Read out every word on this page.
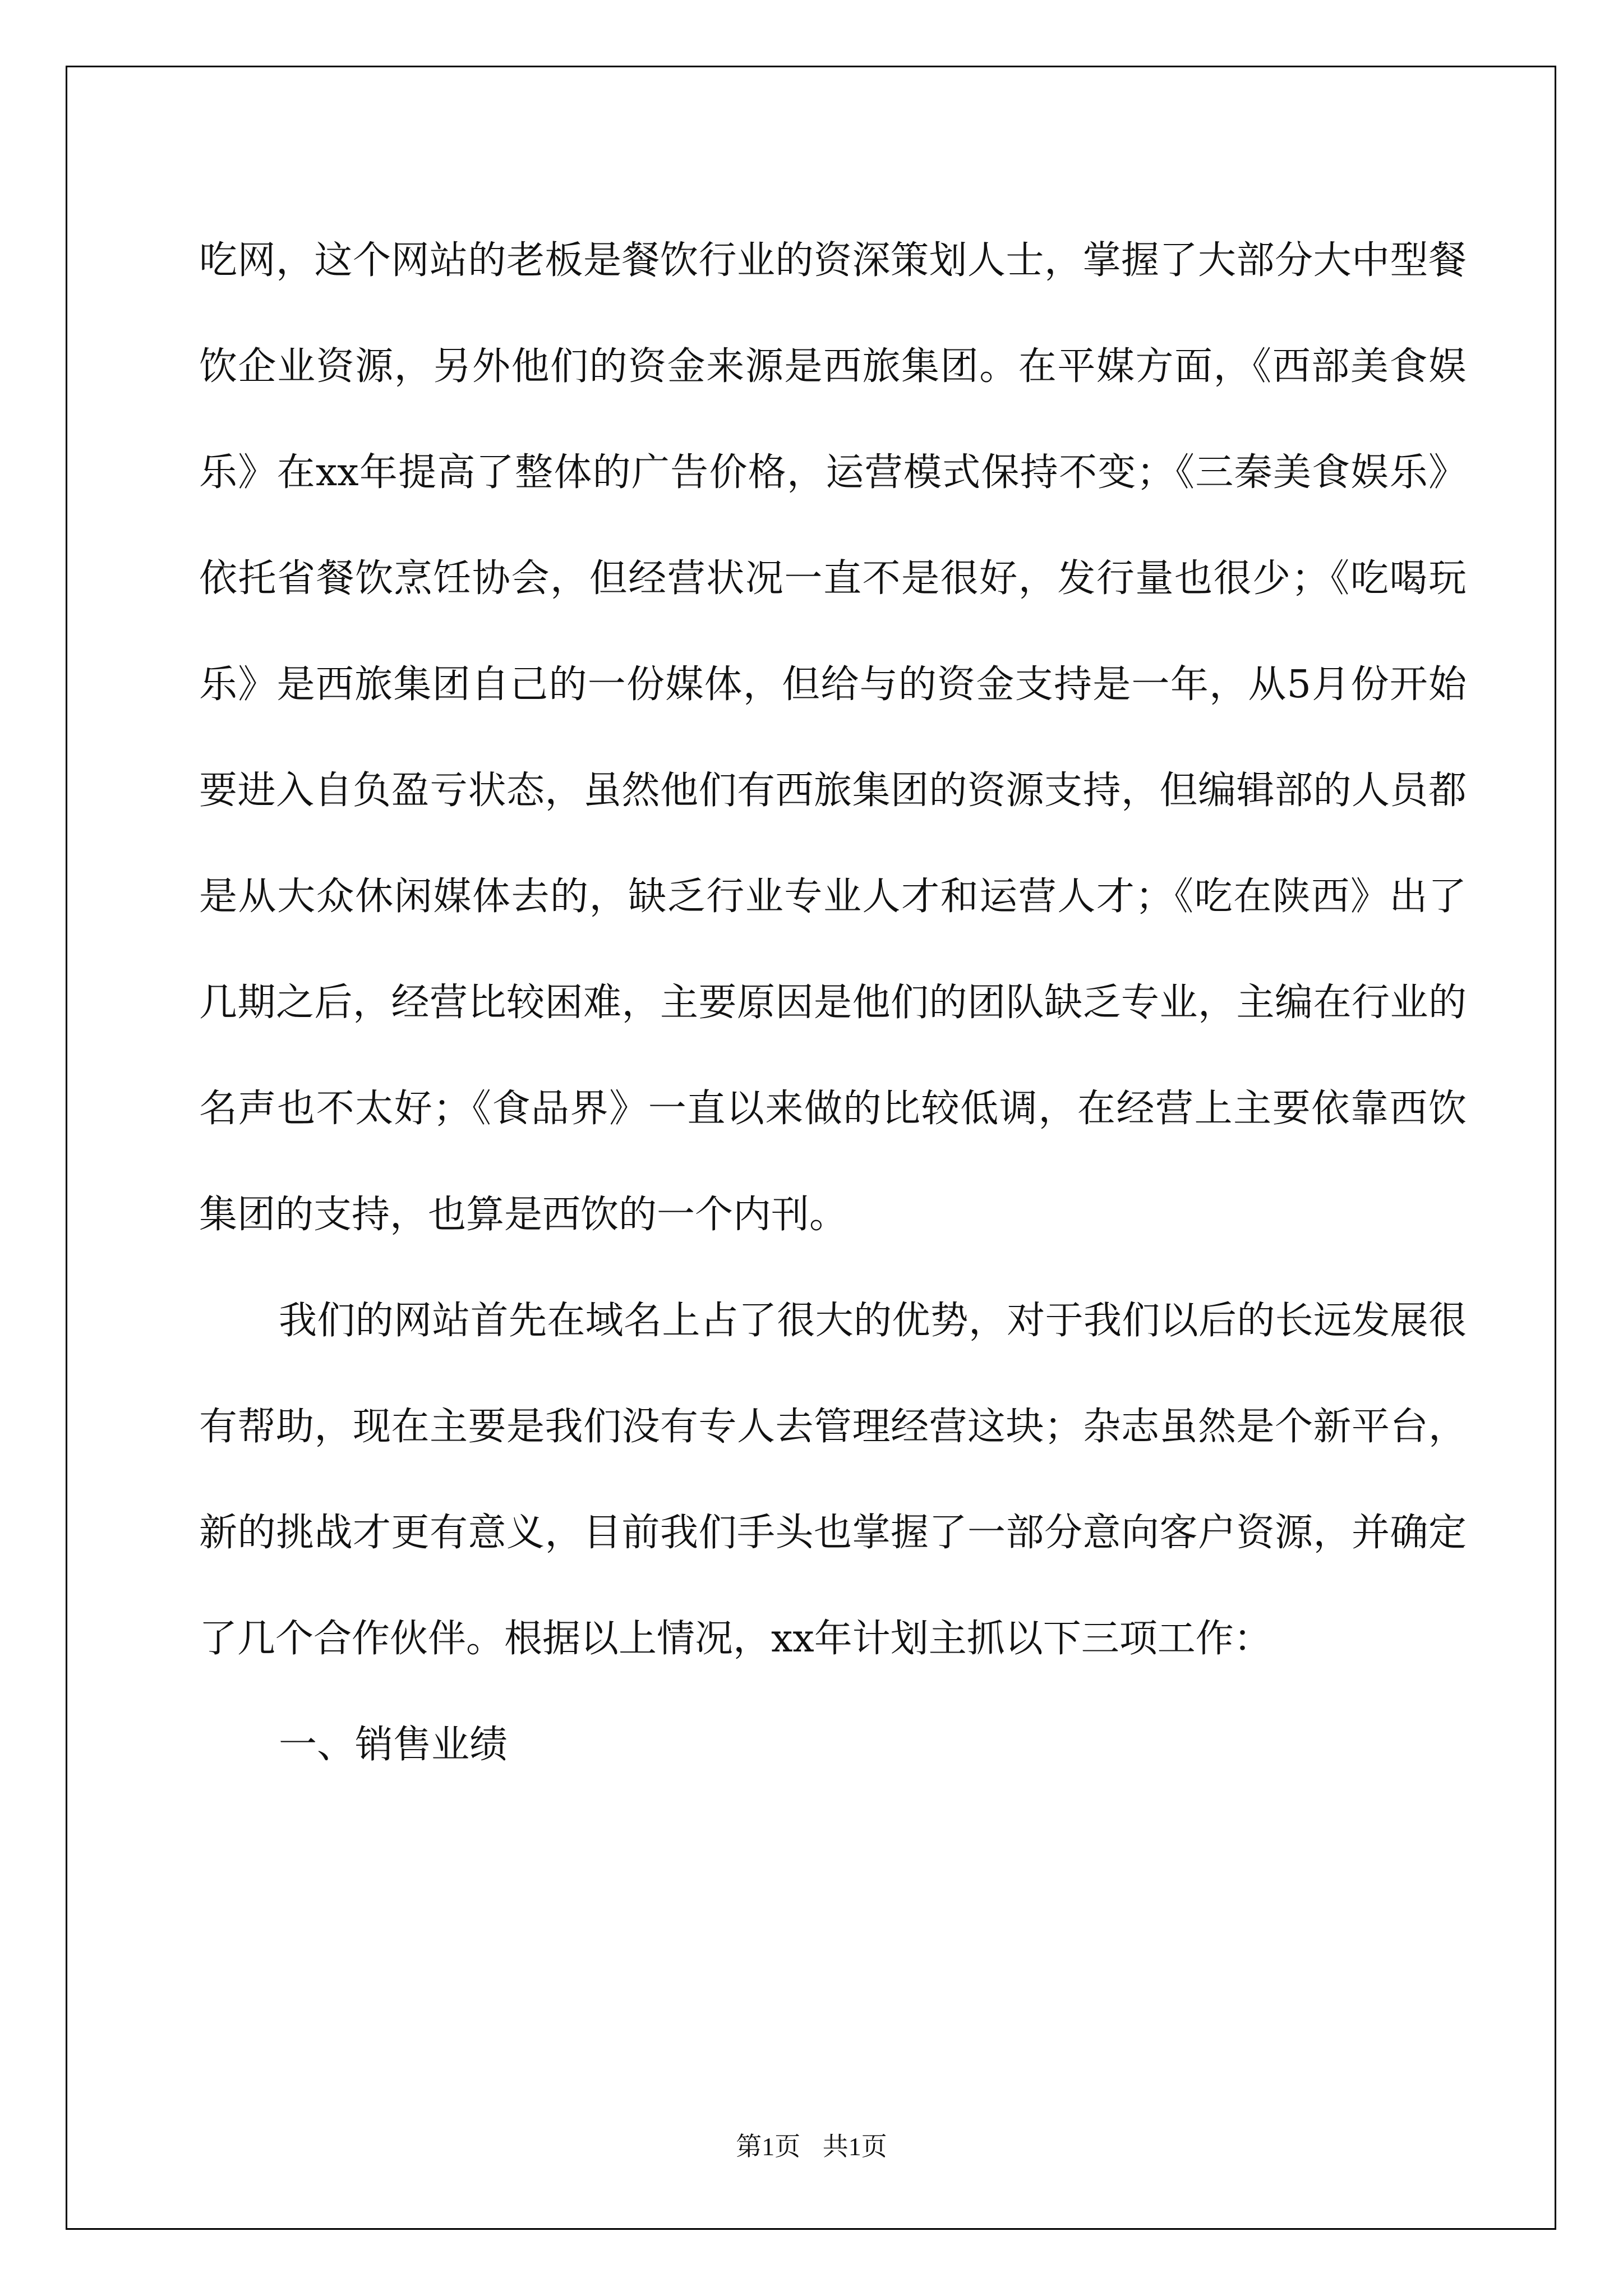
吃网，这个网站的老板是餐饮行业的资深策划人士，掌握了大部分大中型餐饮企业资源，另外他们的资金来源是西旅集团。在平媒方面，《西部美食娱乐》在xx年提高了整体的广告价格，运营模式保持不变；《三秦美食娱乐》依托省餐饮烹饪协会，但经营状况一直不是很好，发行量也很少；《吃喝玩乐》是西旅集团自己的一份媒体，但给与的资金支持是一年，从5月份开始要进入自负盈亏状态，虽然他们有西旅集团的资源支持，但编辑部的人员都是从大众休闲媒体去的，缺乏行业专业人才和运营人才；《吃在陕西》出了几期之后，经营比较困难，主要原因是他们的团队缺乏专业，主编在行业的名声也不太好；《食品界》一直以来做的比较低调，在经营上主要依靠西饮集团的支持，也算是西饮的一个内刊。

我们的网站首先在域名上占了很大的优势，对于我们以后的长远发展很有帮助，现在主要是我们没有专人去管理经营这块；杂志虽然是个新平台，新的挑战才更有意义，目前我们手头也掌握了一部分意向客户资源，并确定了几个合作伙伴。根据以上情况，xx年计划主抓以下三项工作：

一、销售业绩

第1页 共1页
